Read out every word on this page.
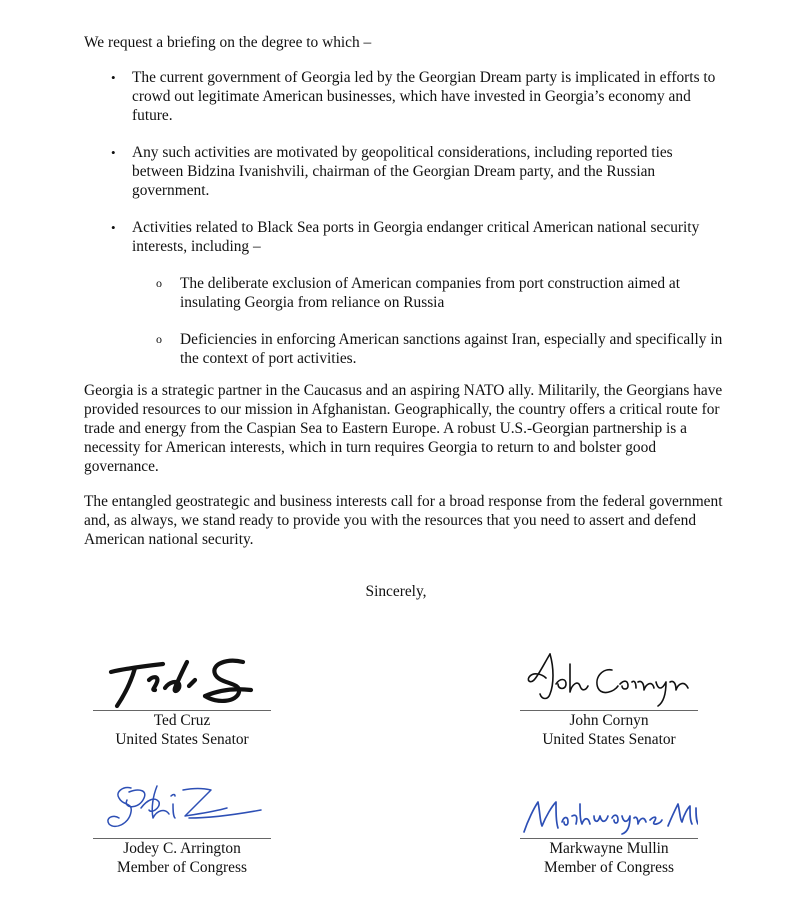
We request a briefing on the degree to which –

• The current government of Georgia led by the Georgian Dream party is implicated in efforts to crowd out legitimate American businesses, which have invested in Georgia’s economy and future.
• Any such activities are motivated by geopolitical considerations, including reported ties between Bidzina Ivanishvili, chairman of the Georgian Dream party, and the Russian government.
• Activities related to Black Sea ports in Georgia endanger critical American national security interests, including –
o The deliberate exclusion of American companies from port construction aimed at insulating Georgia from reliance on Russia
o Deficiencies in enforcing American sanctions against Iran, especially and specifically in the context of port activities.

Georgia is a strategic partner in the Caucasus and an aspiring NATO ally. Militarily, the Georgians have provided resources to our mission in Afghanistan. Geographically, the country offers a critical route for trade and energy from the Caspian Sea to Eastern Europe. A robust U.S.-Georgian partnership is a necessity for American interests, which in turn requires Georgia to return to and bolster good governance.

The entangled geostrategic and business interests call for a broad response from the federal government and, as always, we stand ready to provide you with the resources that you need to assert and defend American national security.

Sincerely,
Ted Cruz
United States Senator
John Cornyn
United States Senator
Jodey C. Arrington
Member of Congress
Markwayne Mullin
Member of Congress
